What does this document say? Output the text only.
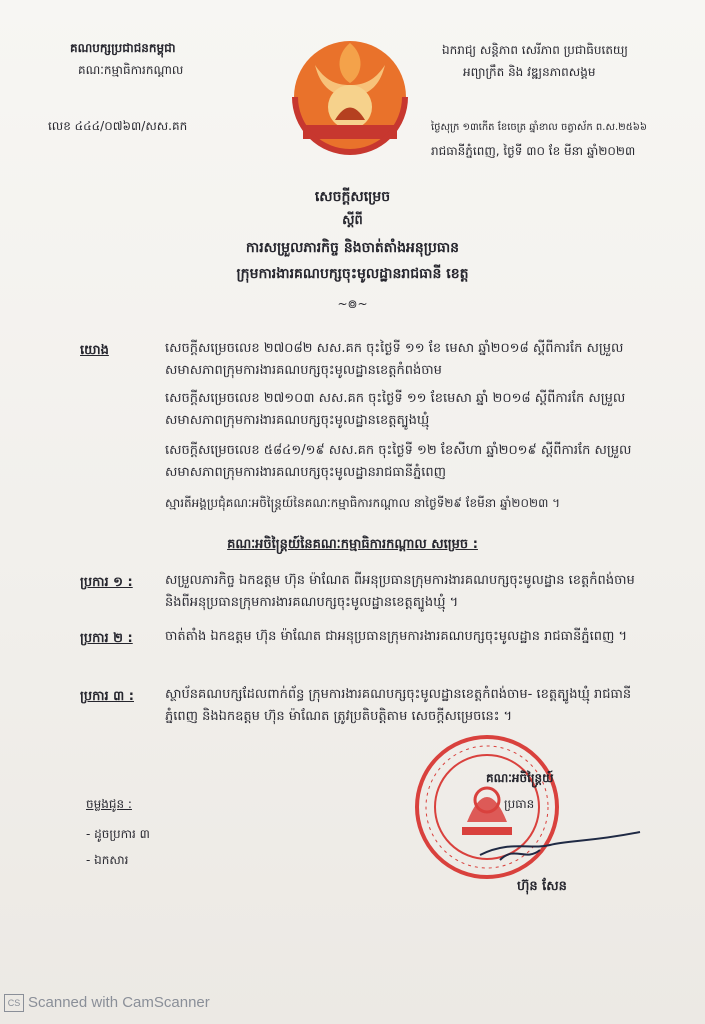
គណបក្សប្រជាជនកម្ពុជា
គណៈកម្មាធិការកណ្តាល
លេខ ៤៤៤/០៧៦៣/សស.គក
ឯករាជ្យ សន្តិភាព សេរីភាព ប្រជាធិបតេយ្យ
អព្យាក្រឹត និង វឌ្ឍនភាពសង្គម
ថ្ងៃសុក្រ ១៣កើត ខែចេត្រ ឆ្នាំខាល ចត្វាស័ក ព.ស.២៥៦៦
រាជធានីភ្នំពេញ, ថ្ងៃទី ៣០ ខែ មីនា ឆ្នាំ២០២៣
សេចក្តីសម្រេច
ស្តីពី
ការសម្រួលភារកិច្ច និងចាត់តាំងអនុប្រធាន
ក្រុមការងារគណបក្សចុះមូលដ្ឋានរាជធានី ខេត្ត
~៙~
យោង	សេចក្តីសម្រេចលេខ ២៧០៨២ សស.គក ចុះថ្ងៃទី ១១ ខែ មេសា ឆ្នាំ២០១៨ ស្តីពីការកែ សម្រួលសមាសភាពក្រុមការងារគណបក្សចុះមូលដ្ឋានខេត្តកំពង់ចាម
សេចក្តីសម្រេចលេខ ២៧១០៣ សស.គក ចុះថ្ងៃទី ១១ ខែមេសា ឆ្នាំ ២០១៨ ស្តីពីការកែ សម្រួលសមាសភាពក្រុមការងារគណបក្សចុះមូលដ្ឋានខេត្តត្បូងឃ្មុំ
សេចក្តីសម្រេចលេខ ៥៨៤១/១៩ សស.គក ចុះថ្ងៃទី ១២ ខែសីហា ឆ្នាំ២០១៩ ស្តីពីការកែ សម្រួលសមាសភាពក្រុមការងារគណបក្សចុះមូលដ្ឋានរាជធានីភ្នំពេញ
ស្មារតីអង្គប្រជុំគណៈអចិន្ត្រៃយ៍នៃគណៈកម្មាធិការកណ្តាល នាថ្ងៃទី២៩ ខែមីនា ឆ្នាំ២០២៣ ។
គណៈអចិន្ត្រៃយ៍នៃគណៈកម្មាធិការកណ្តាល សម្រេច :
ប្រការ ១ : សម្រួលភារកិច្ច ឯកឧត្តម ហ៊ុន ម៉ាណែត ពីអនុប្រធានក្រុមការងារគណបក្សចុះមូលដ្ឋាន ខេត្តកំពង់ចាម និងពីអនុប្រធានក្រុមការងារគណបក្សចុះមូលដ្ឋានខេត្តត្បូងឃ្មុំ ។
ប្រការ ២ : ចាត់តាំង ឯកឧត្តម ហ៊ុន ម៉ាណែត ជាអនុប្រធានក្រុមការងារគណបក្សចុះមូលដ្ឋាន រាជធានីភ្នំពេញ ។
ប្រការ ៣ : ស្ថាប័នគណបក្សដែលពាក់ព័ន្ធ ក្រុមការងារគណបក្សចុះមូលដ្ឋានខេត្តកំពង់ចាម- ខេត្តត្បូងឃ្មុំ រាជធានីភ្នំពេញ និងឯកឧត្តម ហ៊ុន ម៉ាណែត ត្រូវប្រតិបត្តិតាម សេចក្តីសម្រេចនេះ ។
ចម្លងជូន :
- ដូចប្រការ ៣
- ឯកសារ
គណៈអចិន្ត្រៃយ៍
ប្រធាន
ហ៊ុន សែន
CS Scanned with CamScanner
